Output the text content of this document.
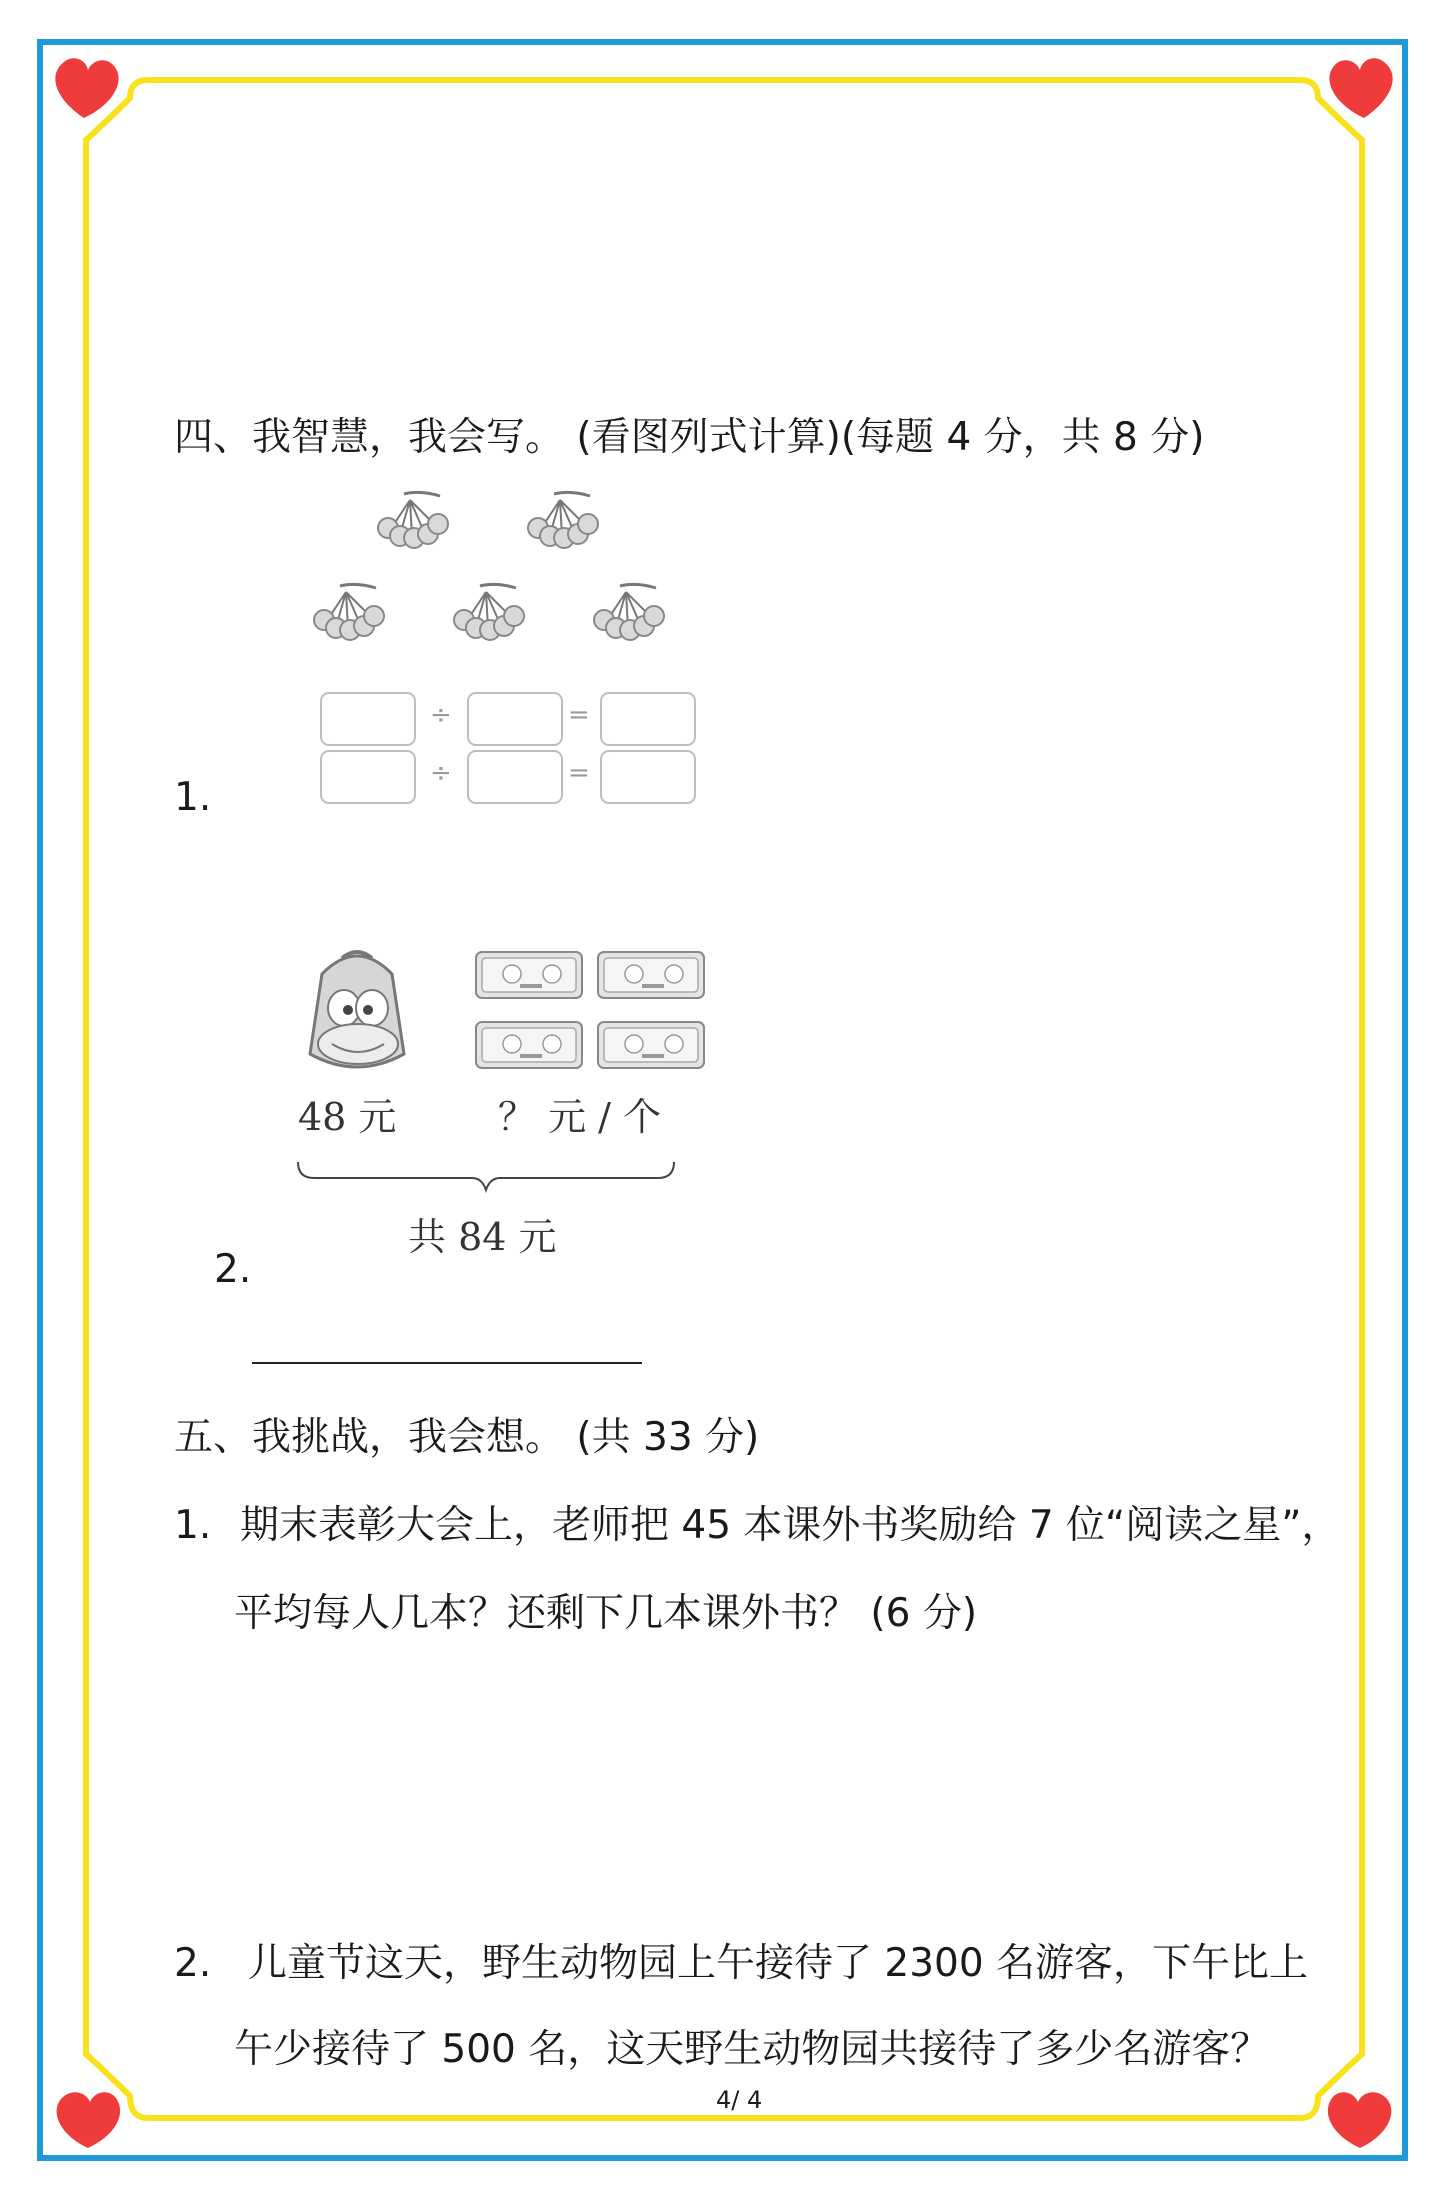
四、我智慧，我会写。 (看图列式计算)(每题 4 分，共 8 分)
÷	=
÷	=
1.
48 元	？ 元 / 个
共 84 元
2.
五、我挑战，我会想。 (共 33 分)
1. 期末表彰大会上，老师把 45 本课外书奖励给 7 位“阅读之星”，
平均每人几本？还剩下几本课外书？ (6 分)
2. 儿童节这天，野生动物园上午接待了 2300 名游客，下午比上
午少接待了 500 名，这天野生动物园共接待了多少名游客？
4/ 4
